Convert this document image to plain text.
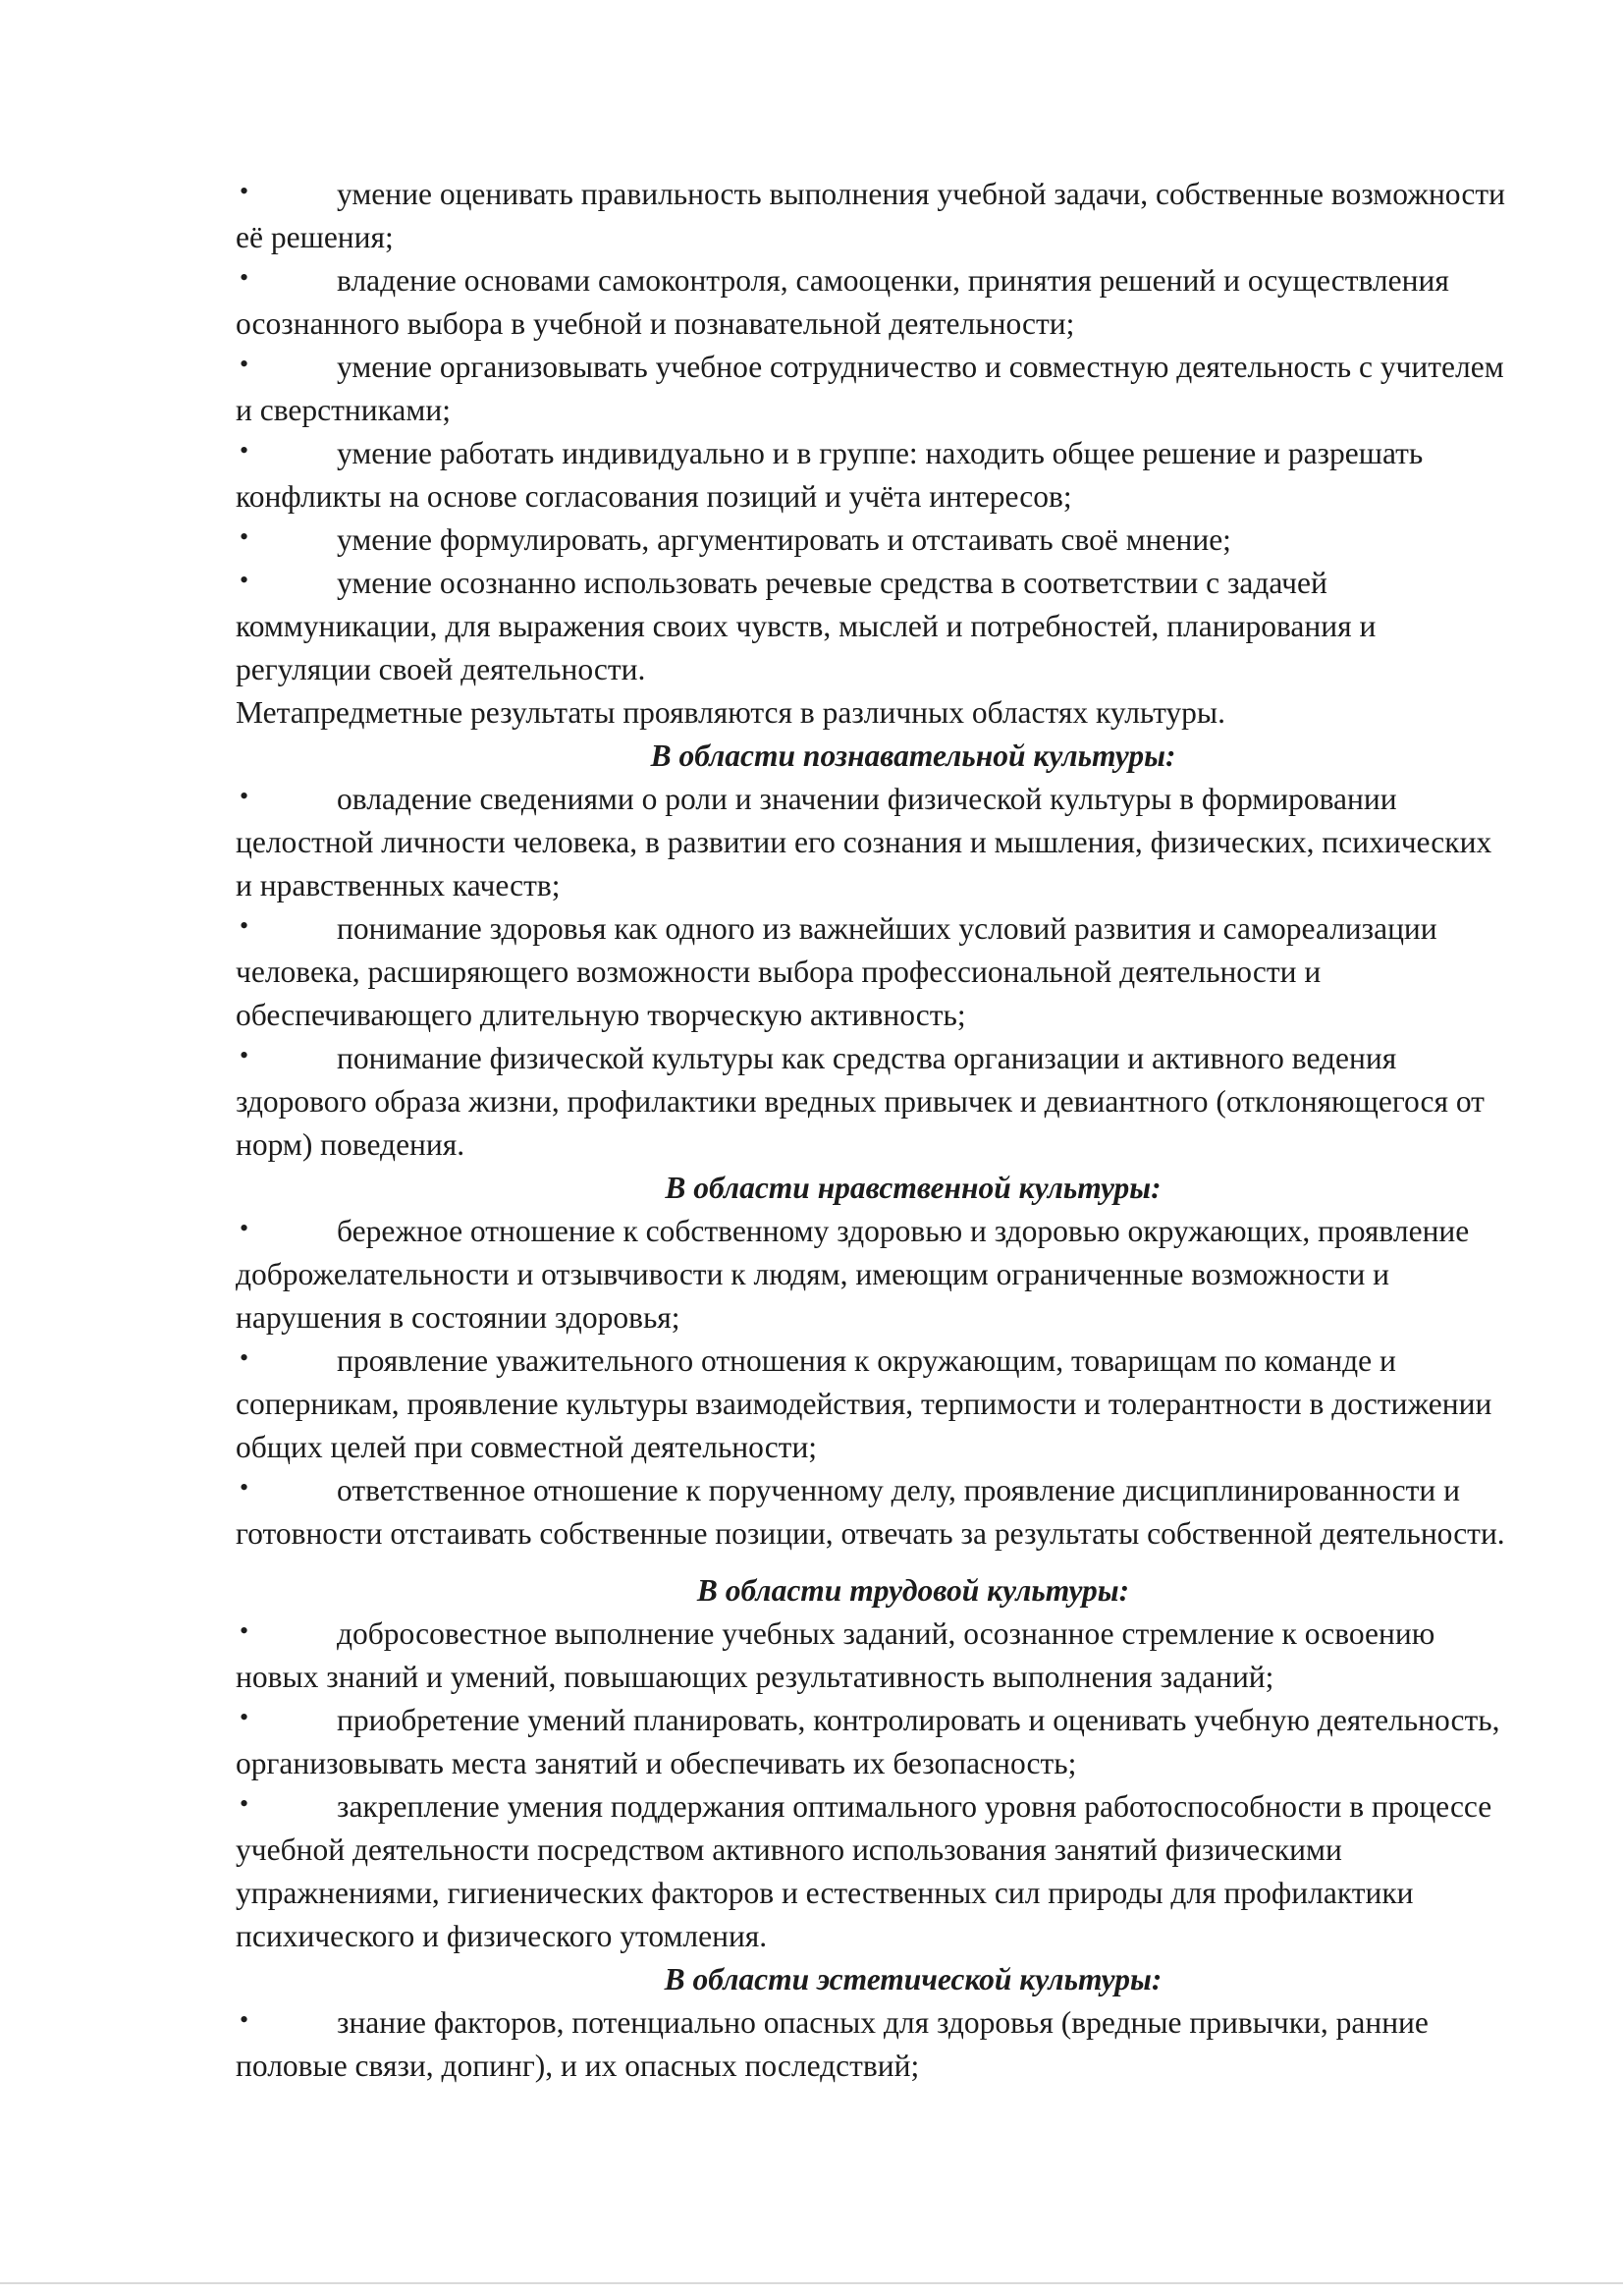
•	умение оценивать правильность выполнения учебной задачи, собственные возможности её решения;
•	владение основами самоконтроля, самооценки, принятия решений и осуществления осознанного выбора в учебной и познавательной деятельности;
•	умение организовывать учебное сотрудничество и совместную деятельность с учителем и сверстниками;
•	умение работать индивидуально и в группе: находить общее решение и разрешать конфликты на основе согласования позиций и учёта интересов;
•	умение формулировать, аргументировать и отстаивать своё мнение;
•	умение осознанно использовать речевые средства в соответствии с задачей коммуникации, для выражения своих чувств, мыслей и потребностей, планирования и регуляции своей деятельности.
Метапредметные результаты проявляются в различных областях культуры.
В области познавательной культуры:
•	овладение сведениями о роли и значении физической культуры в формировании целостной личности человека, в развитии его сознания и мышления, физических, психических и нравственных качеств;
•	понимание здоровья как одного из важнейших условий развития и самореализации человека, расширяющего возможности выбора профессиональной деятельности и обеспечивающего длительную творческую активность;
•	понимание физической культуры как средства организации и активного ведения здорового образа жизни, профилактики вредных привычек и девиантного (отклоняющегося от норм) поведения.
В области нравственной культуры:
•	бережное отношение к собственному здоровью и здоровью окружающих, проявление доброжелательности и отзывчивости к людям, имеющим ограниченные возможности и нарушения в состоянии здоровья;
•	проявление уважительного отношения к окружающим, товарищам по команде и соперникам, проявление культуры взаимодействия, терпимости и толерантности в достижении общих целей при совместной деятельности;
•	ответственное отношение к порученному делу, проявление дисциплинированности и готовности отстаивать собственные позиции, отвечать за результаты собственной деятельности.
В области трудовой культуры:
•	добросовестное выполнение учебных заданий, осознанное стремление к освоению новых знаний и умений, повышающих результативность выполнения заданий;
•	приобретение умений планировать, контролировать и оценивать учебную деятельность, организовывать места занятий и обеспечивать их безопасность;
•	закрепление умения поддержания оптимального уровня работоспособности в процессе учебной деятельности посредством активного использования занятий физическими упражнениями, гигиенических факторов и естественных сил природы для профилактики психического и физического утомления.
В области эстетической культуры:
•	знание факторов, потенциально опасных для здоровья (вредные привычки, ранние половые связи, допинг), и их опасных последствий;
